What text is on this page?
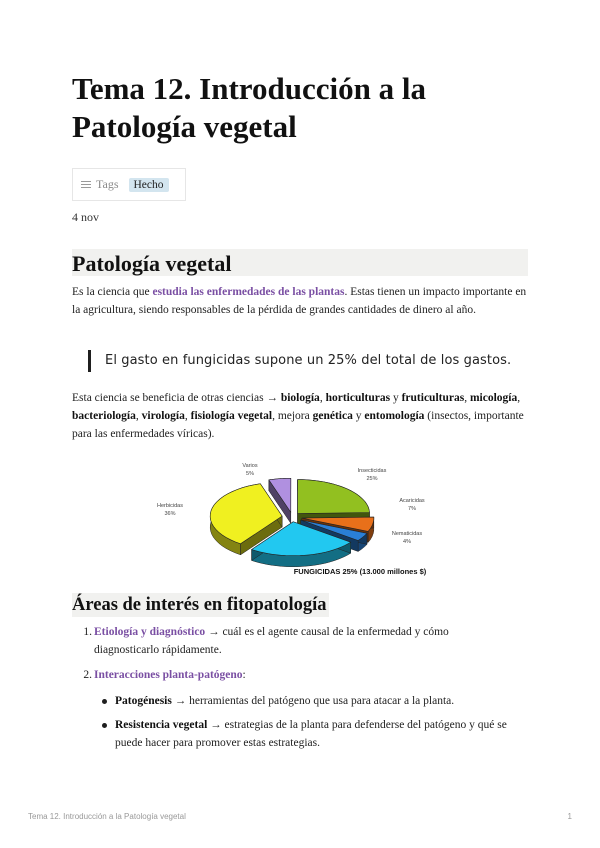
Tema 12. Introducción a la Patología vegetal
Tags	Hecho
4 nov
Patología vegetal

Es la ciencia que estudia las enfermedades de las plantas. Estas tienen un impacto importante en la agricultura, siendo responsables de la pérdida de grandes cantidades de dinero al año.

El gasto en fungicidas supone un 25% del total de los gastos.

Esta ciencia se beneficia de otras ciencias → biología, horticulturas y fruticulturas, micología, bacteriología, virología, fisiología vegetal, mejora genética y entomología (insectos, importante para las enfermedades víricas).

Insecticidas
25%
Acaricidas
7%
Nematicidas
4%
Herbicidas
36%
Varios
5%
FUNGICIDAS 25% (13.000 millones $)
Áreas de interés en fitopatología
1. Etiología y diagnóstico → cuál es el agente causal de la enfermedad y cómo
diagnosticarlo rápidamente.
2. Interacciones planta-patógeno:
Patogénesis → herramientas del patógeno que usa para atacar a la planta.
Resistencia vegetal → estrategias de la planta para defenderse del patógeno y qué se
puede hacer para promover estas estrategias.
Tema 12. Introducción a la Patología vegetal	1
